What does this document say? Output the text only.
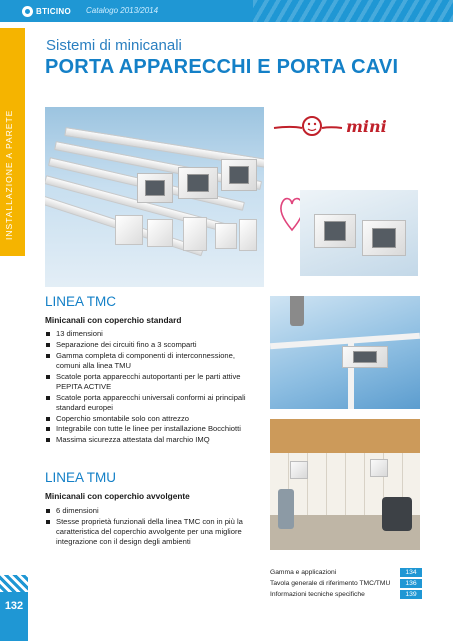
BTICINO Catalogo 2013/2014
INSTALLAZIONE A PARETE
132
Sistemi di minicanali
PORTA APPARECCHI E PORTA CAVI
mini
LINEA TMC
Minicanali con coperchio standard
13 dimensioni
Separazione dei circuiti fino a 3 scomparti
Gamma completa di componenti di interconnessione, comuni alla linea TMU
Scatole porta apparecchi autoportanti per le parti attive PEPITA ACTIVE
Scatole porta apparecchi universali conformi ai principali standard europei
Coperchio smontabile solo con attrezzo
Integrabile con tutte le linee per installazione Bocchiotti
Massima sicurezza attestata dal marchio IMQ
LINEA TMU
Minicanali con coperchio avvolgente
6 dimensioni
Stesse proprietà funzionali della linea TMC con in più la caratteristica del coperchio avvolgente per una migliore integrazione con il design degli ambienti
Gamma e applicazioni	134
Tavola generale di riferimento TMC/TMU	136
Informazioni tecniche specifiche	139
